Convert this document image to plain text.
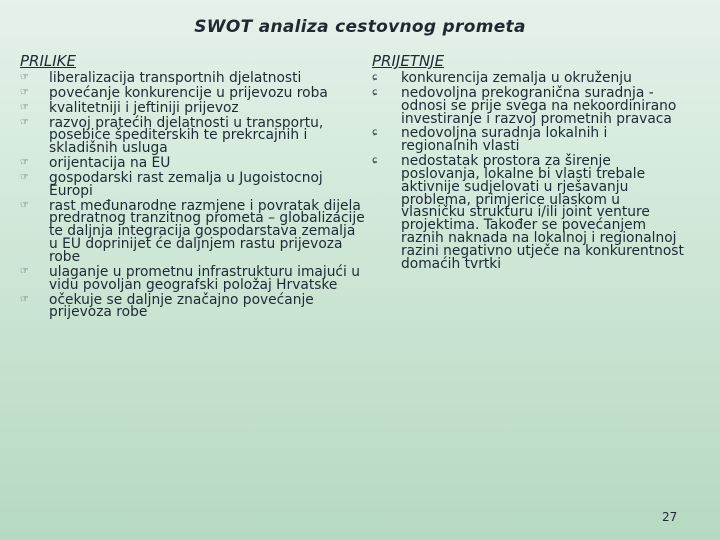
SWOT analiza cestovnog prometa
PRILIKE
☞	liberalizacija transportnih djelatnosti
☞	povećanje konkurencije u prijevozu roba
☞	kvalitetniji i jeftiniji prijevoz
☞	razvoj pratećih djelatnosti u transportu, posebice špediterskih te prekrcajnih i skladišnih usluga
☞	orijentacija na EU
☞	gospodarski rast zemalja u Jugoistocnoj Europi
☞	rast međunarodne razmjene i povratak dijela predratnog tranzitnog prometa – globalizacije te daljnja integracija gospodarstava zemalja u EU doprinijet će daljnjem rastu prijevoza robe
☞	ulaganje u prometnu infrastrukturu imajući u vidu povoljan geografski položaj Hrvatske
☞	očekuje se daljnje značajno povećanje prijevoza robe
PRIJETNJE
ɕ	konkurencija zemalja u okruženju
ɕ	nedovoljna prekogranična suradnja - odnosi se prije svega na nekoordinirano investiranje i razvoj prometnih pravaca
ɕ	nedovoljna suradnja lokalnih i regionalnih vlasti
ɕ	nedostatak prostora za širenje poslovanja, lokalne bi vlasti trebale aktivnije sudjelovati u rješavanju problema, primjerice ulaskom u vlasničku strukturu i/ili joint venture projektima. Također se povećanjem raznih naknada na lokalnoj i regionalnoj razini negativno utječe na konkurentnost domaćih tvrtki
27
